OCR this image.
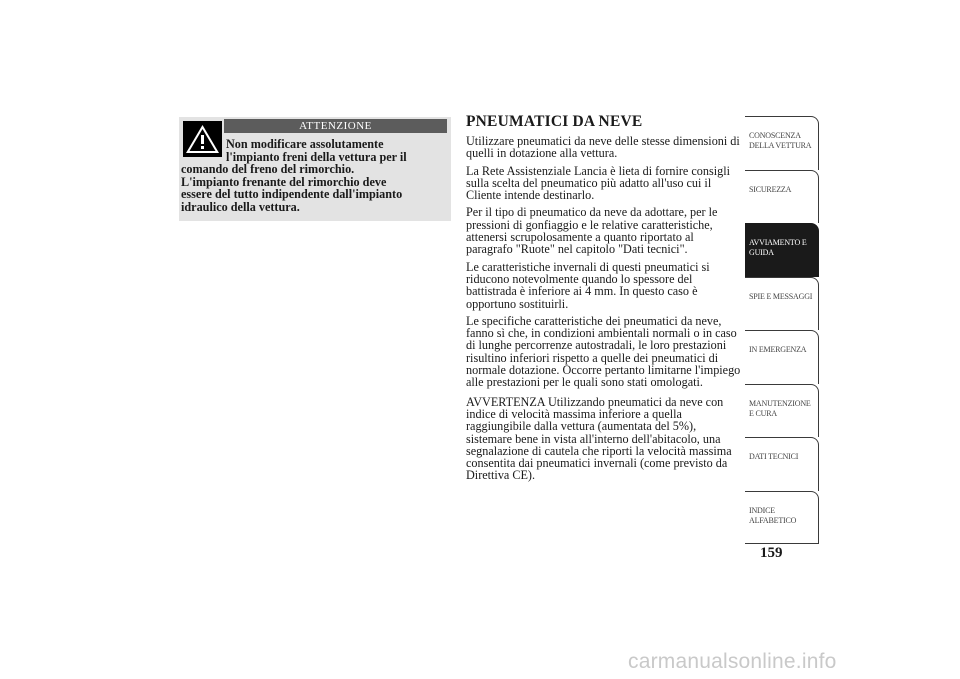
ATTENZIONE
Non modificare assolutamente
l'impianto freni della vettura per il
comando del freno del rimorchio.
L'impianto frenante del rimorchio deve
essere del tutto indipendente dall'impianto
idraulico della vettura.
PNEUMATICI DA NEVE

Utilizzare pneumatici da neve delle stesse dimensioni di quelli in dotazione alla vettura.

La Rete Assistenziale Lancia è lieta di fornire consigli sulla scelta del pneumatico più adatto all'uso cui il Cliente intende destinarlo.

Per il tipo di pneumatico da neve da adottare, per le pressioni di gonfiaggio e le relative caratteristiche, attenersi scrupolosamente a quanto riportato al paragrafo "Ruote" nel capitolo "Dati tecnici".

Le caratteristiche invernali di questi pneumatici si riducono notevolmente quando lo spessore del battistrada è inferiore ai 4 mm. In questo caso è opportuno sostituirli.

Le specifiche caratteristiche dei pneumatici da neve, fanno sì che, in condizioni ambientali normali o in caso di lunghe percorrenze autostradali, le loro prestazioni risultino inferiori rispetto a quelle dei pneumatici di normale dotazione. Occorre pertanto limitarne l'impiego alle prestazioni per le quali sono stati omologati.

AVVERTENZA Utilizzando pneumatici da neve con indice di velocità massima inferiore a quella raggiungibile dalla vettura (aumentata del 5%), sistemare bene in vista all'interno dell'abitacolo, una segnalazione di cautela che riporti la velocità massima consentita dai pneumatici invernali (come previsto da Direttiva CE).

CONOSCENZA DELLA VETTURA
SICUREZZA
AVVIAMENTO E GUIDA
SPIE E MESSAGGI
IN EMERGENZA
MANUTENZIONE E CURA
DATI TECNICI
INDICE ALFABETICO
159
carmanualsonline.info
